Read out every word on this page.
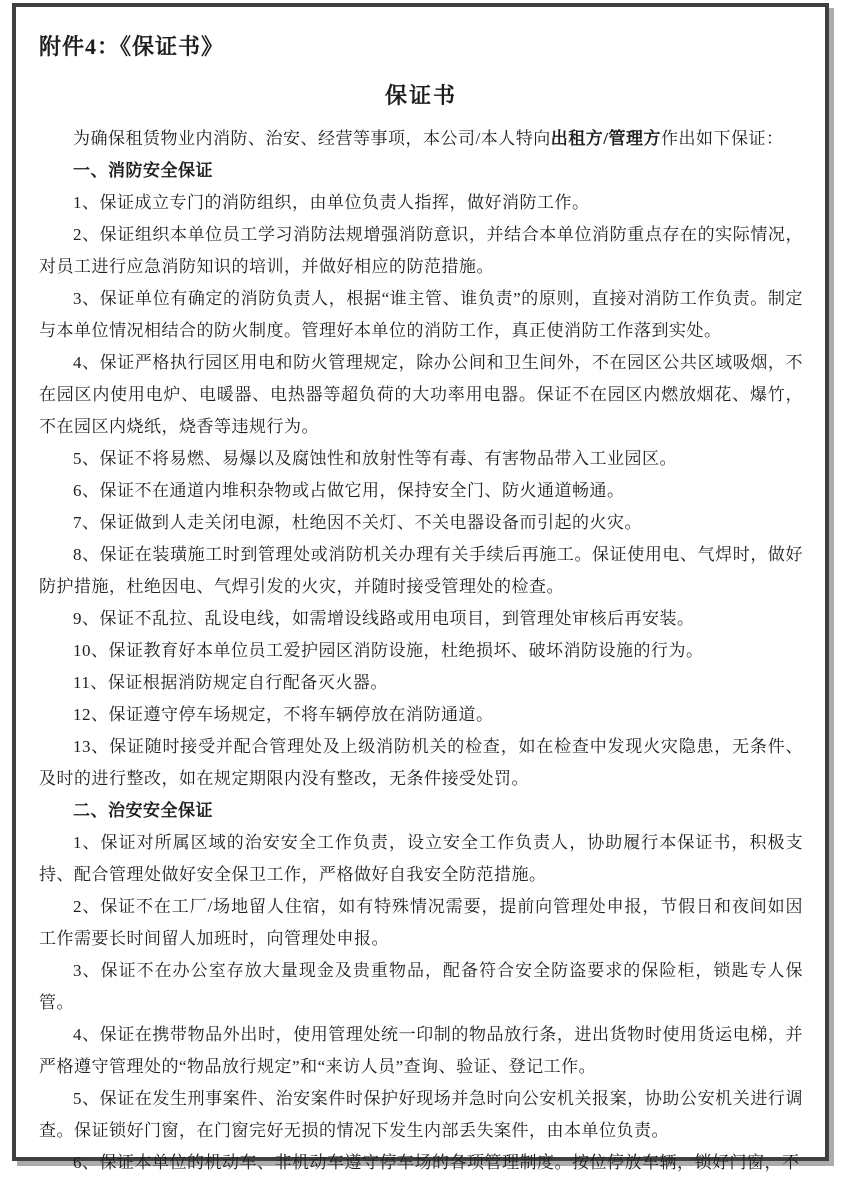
附件4：《保证书》
保证书

为确保租赁物业内消防、治安、经营等事项，本公司/本人特向出租方/管理方作出如下保证：

一、消防安全保证

1、保证成立专门的消防组织，由单位负责人指挥，做好消防工作。

2、保证组织本单位员工学习消防法规增强消防意识，并结合本单位消防重点存在的实际情况，对员工进行应急消防知识的培训，并做好相应的防范措施。

3、保证单位有确定的消防负责人，根据“谁主管、谁负责”的原则，直接对消防工作负责。制定与本单位情况相结合的防火制度。管理好本单位的消防工作，真正使消防工作落到实处。

4、保证严格执行园区用电和防火管理规定，除办公间和卫生间外，不在园区公共区域吸烟，不在园区内使用电炉、电暖器、电热器等超负荷的大功率用电器。保证不在园区内燃放烟花、爆竹，不在园区内烧纸，烧香等违规行为。

5、保证不将易燃、易爆以及腐蚀性和放射性等有毒、有害物品带入工业园区。

6、保证不在通道内堆积杂物或占做它用，保持安全门、防火通道畅通。

7、保证做到人走关闭电源，杜绝因不关灯、不关电器设备而引起的火灾。

8、保证在装璜施工时到管理处或消防机关办理有关手续后再施工。保证使用电、气焊时，做好防护措施，杜绝因电、气焊引发的火灾，并随时接受管理处的检查。

9、保证不乱拉、乱设电线，如需增设线路或用电项目，到管理处审核后再安装。

10、保证教育好本单位员工爱护园区消防设施，杜绝损坏、破坏消防设施的行为。

11、保证根据消防规定自行配备灭火器。

12、保证遵守停车场规定，不将车辆停放在消防通道。

13、保证随时接受并配合管理处及上级消防机关的检查，如在检查中发现火灾隐患，无条件、及时的进行整改，如在规定期限内没有整改，无条件接受处罚。

二、治安安全保证

1、保证对所属区域的治安安全工作负责，设立安全工作负责人，协助履行本保证书，积极支持、配合管理处做好安全保卫工作，严格做好自我安全防范措施。

2、保证不在工厂/场地留人住宿，如有特殊情况需要，提前向管理处申报，节假日和夜间如因工作需要长时间留人加班时，向管理处申报。

3、保证不在办公室存放大量现金及贵重物品，配备符合安全防盗要求的保险柜，锁匙专人保管。

4、保证在携带物品外出时，使用管理处统一印制的物品放行条，进出货物时使用货运电梯，并严格遵守管理处的“物品放行规定”和“来访人员”查询、验证、登记工作。

5、保证在发生刑事案件、治安案件时保护好现场并急时向公安机关报案，协助公安机关进行调查。保证锁好门窗，在门窗完好无损的情况下发生内部丢失案件，由本单位负责。

6、保证本单位的机动车、非机动车遵守停车场的各项管理制度。按位停放车辆，锁好门窗，不
